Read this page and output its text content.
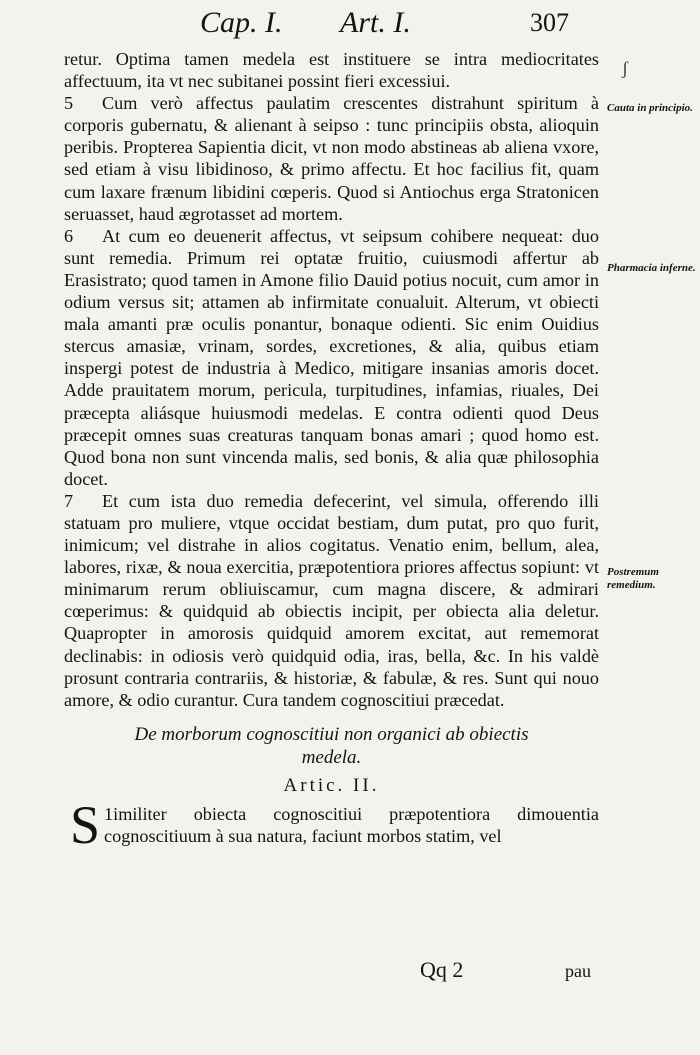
Cap. I. Art. I.	307
ʃ
Cauta in principio.
Pharmacia inferne.
Postremum remedium.

retur. Optima tamen medela est instituere se intra mediocritates affectuum, ita vt nec subitanei possint fieri excessiui.

5 Cum verò affectus paulatim crescentes distrahunt spiritum à corporis gubernatu, & alienant à seipso : tunc principiis obsta, alioquin peribis. Propterea Sapientia dicit, vt non modo abstineas ab aliena vxore, sed etiam à visu libidinoso, & primo affectu. Et hoc facilius fit, quam cum laxare frænum libidini cœperis. Quod si Antiochus erga Stratonicen seruasset, haud ægrotasset ad mortem.

6 At cum eo deuenerit affectus, vt seipsum cohibere nequeat: duo sunt remedia. Primum rei optatæ fruitio, cuiusmodi affertur ab Erasistrato; quod tamen in Amone filio Dauid potius nocuit, cum amor in odium versus sit; attamen ab infirmitate conualuit. Alterum, vt obiecti mala amanti præ oculis ponantur, bonaque odienti. Sic enim Ouidius stercus amasiæ, vrinam, sordes, excretiones, & alia, quibus etiam inspergi potest de industria à Medico, mitigare insanias amoris docet. Adde prauitatem morum, pericula, turpitudines, infamias, riuales, Dei præcepta aliásque huiusmodi medelas. E contra odienti quod Deus præcepit omnes suas creaturas tanquam bonas amari ; quod homo est. Quod bona non sunt vincenda malis, sed bonis, & alia quæ philosophia docet.

7 Et cum ista duo remedia defecerint, vel simula, offerendo illi statuam pro muliere, vtque occidat bestiam, dum putat, pro quo furit, inimicum; vel distrahe in alios cogitatus. Venatio enim, bellum, alea, labores, rixæ, & noua exercitia, præpotentiora priores affectus sopiunt: vt minimarum rerum obliuiscamur, cum magna discere, & admirari cœperimus: & quidquid ab obiectis incipit, per obiecta alia deletur. Quapropter in amorosis quidquid amorem excitat, aut rememorat declinabis: in odiosis verò quidquid odia, iras, bella, &c. In his valdè prosunt contraria contrariis, & historiæ, & fabulæ, & res. Sunt qui nouo amore, & odio curantur. Cura tandem cognoscitiui præcedat.

De morborum cognoscitiui non organici ab obiectis medela.
Artic. II.

1
S imiliter obiecta cognoscitiui præpotentiora dimouentia cognoscitiuum à sua natura, faciunt morbos statim, vel

Qq 2	pau
